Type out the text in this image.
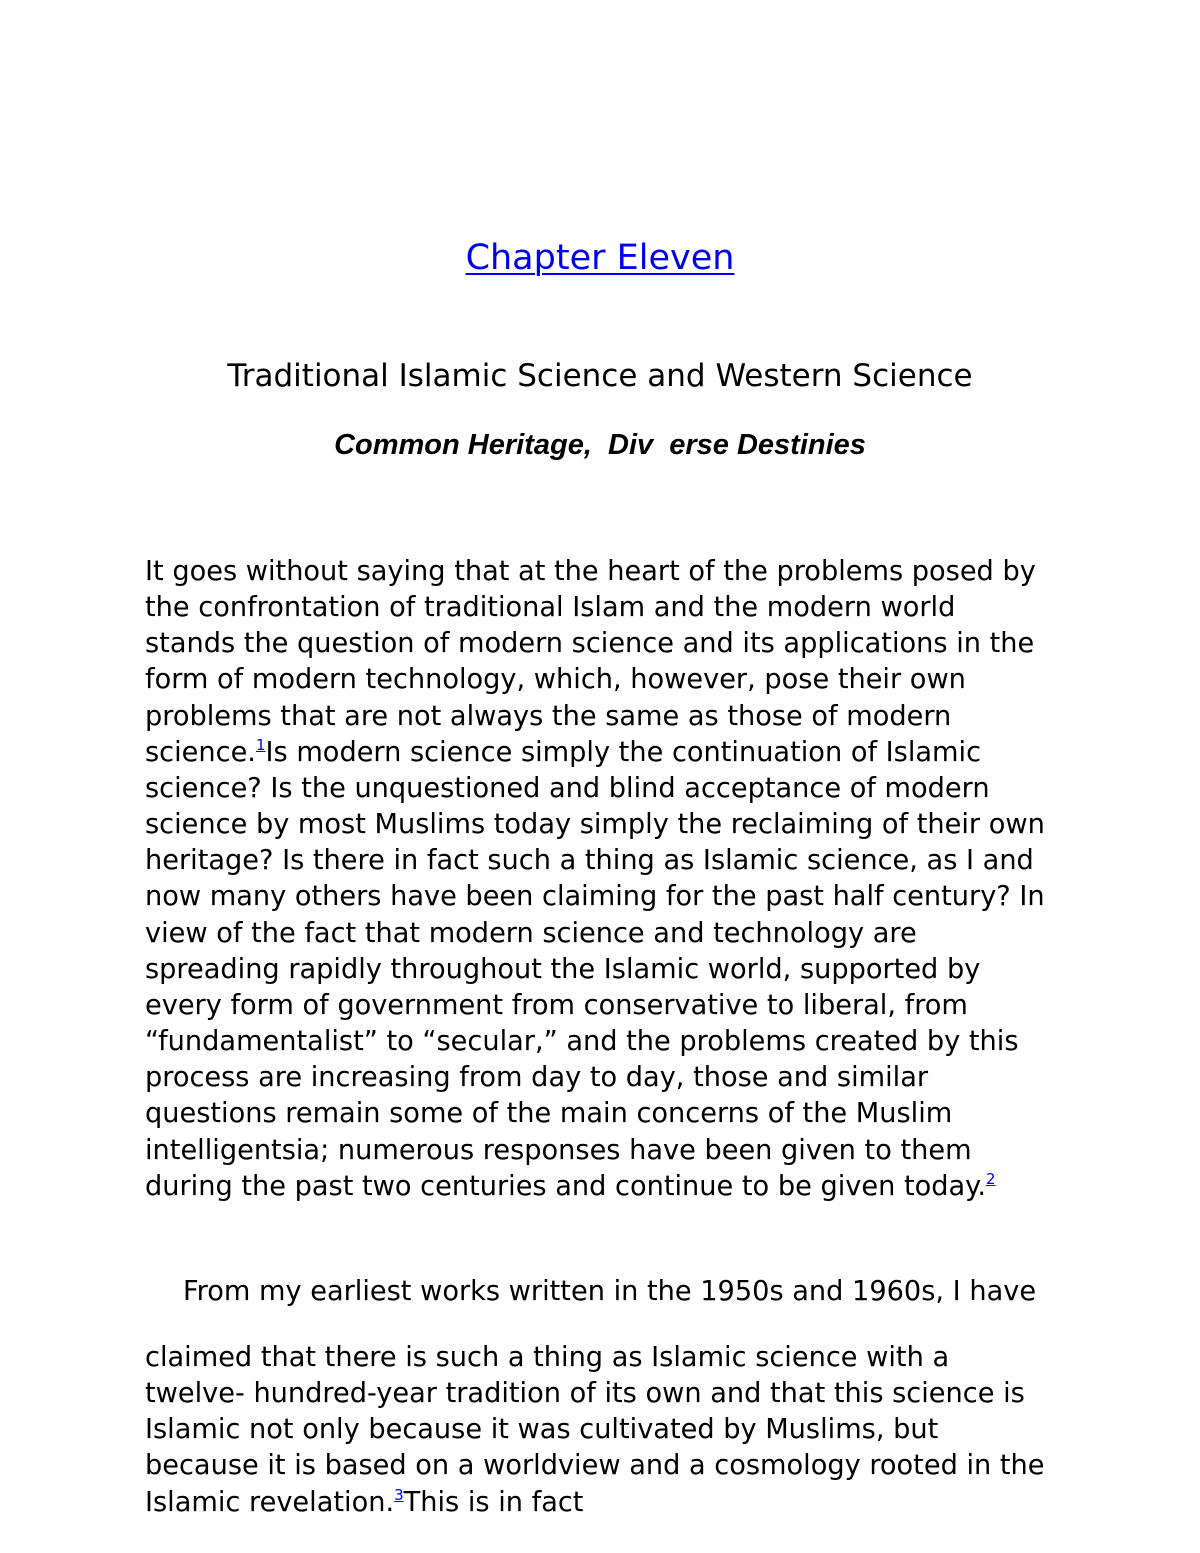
Chapter Eleven
Traditional Islamic Science and Western Science
Common Heritage,  Div  erse Destinies
It goes without saying that at the heart of the problems posed by the confrontation of traditional Islam and the modern world stands the question of modern science and its applications in the form of modern technology, which, however, pose their own problems that are not always the same as those of modern science.$^1$Is modern science simply the continuation of Islamic science? Is the unquestioned and blind acceptance of modern science by most Muslims today simply the reclaiming of their own heritage? Is there in fact such a thing as Islamic science, as I and now many others have been claiming for the past half century? In view of the fact that modern science and technology are spreading rapidly throughout the Islamic world, supported by every form of government from conservative to liberal, from “fundamentalist” to “secular,” and the problems created by this process are increasing from day to day, those and similar questions remain some of the main concerns of the Muslim intelligentsia; numerous responses have been given to them during the past two centuries and continue to be given today.$^2$
From my earliest works written in the 1950s and 1960s, I have
claimed that there is such a thing as Islamic science with a twelve- hundred-year tradition of its own and that this science is Islamic not only because it was cultivated by Muslims, but because it is based on a worldview and a cosmology rooted in the Islamic revelation.$^3$This is in fact
